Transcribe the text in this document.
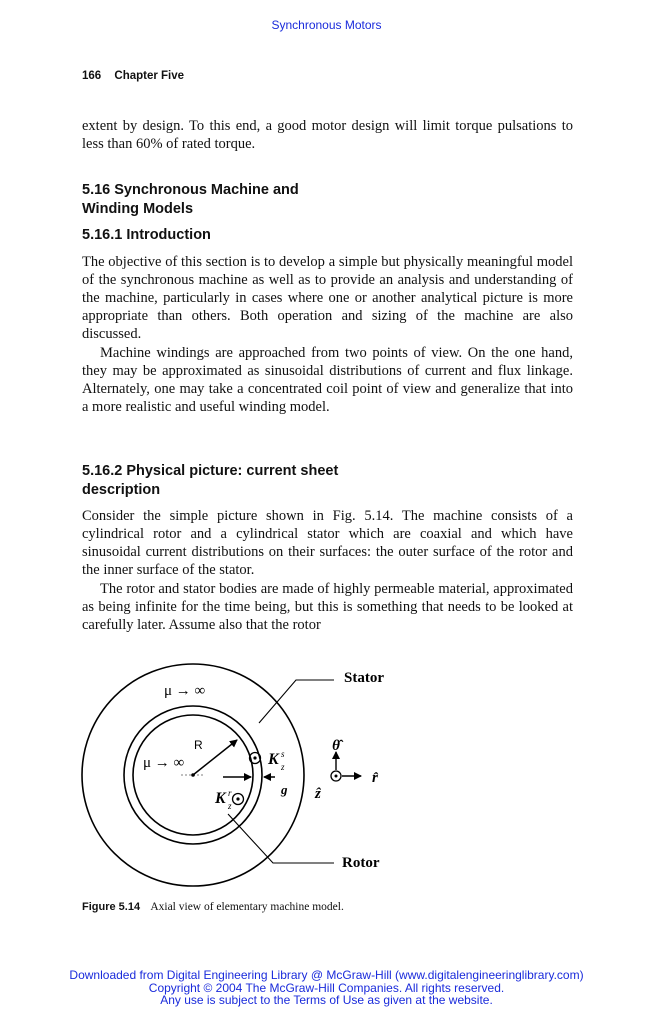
Synchronous Motors
166 Chapter Five

extent by design. To this end, a good motor design will limit torque pulsations to less than 60% of rated torque.

5.16 Synchronous Machine and
Winding Models
5.16.1 Introduction

The objective of this section is to develop a simple but physically meaningful model of the synchronous machine as well as to provide an analysis and understanding of the machine, particularly in cases where one or another analytical picture is more appropriate than others. Both operation and sizing of the machine are also discussed.

Machine windings are approached from two points of view. On the one hand, they may be approximated as sinusoidal distributions of current and flux linkage. Alternately, one may take a concentrated coil point of view and generalize that into a more realistic and useful winding model.

5.16.2 Physical picture: current sheet
description

Consider the simple picture shown in Fig. 5.14. The machine consists of a cylindrical rotor and a cylindrical stator which are coaxial and which have sinusoidal current distributions on their surfaces: the outer surface of the rotor and the inner surface of the stator.

The rotor and stator bodies are made of highly permeable material, approximated as being infinite for the time being, but this is something that needs to be looked at carefully later. Assume also that the rotor

R
g
μ → ∞
μ → ∞	K s
z
K r
z
Stator
Rotor
θ̂
r̂
ẑ
Figure 5.14 Axial view of elementary machine model.
Downloaded from Digital Engineering Library @ McGraw-Hill (www.digitalengineeringlibrary.com)
Copyright © 2004 The McGraw-Hill Companies. All rights reserved.
Any use is subject to the Terms of Use as given at the website.
